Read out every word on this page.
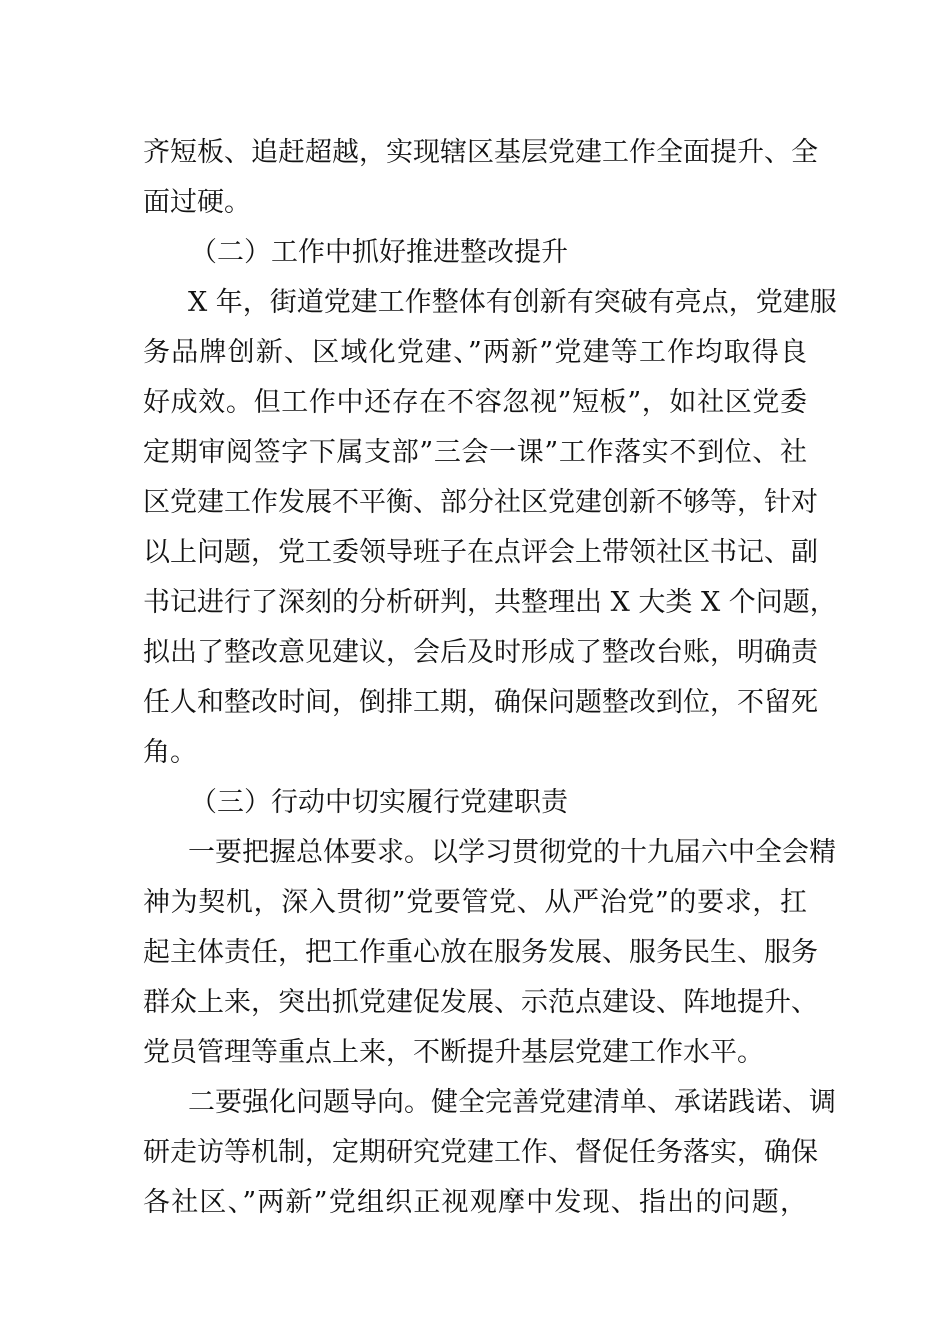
齐短板、追赶超越，实现辖区基层党建工作全面提升、全
面过硬。
（二）工作中抓好推进整改提升
X 年，街道党建工作整体有创新有突破有亮点，党建服
务品牌创新、区域化党建、”两新”党建等工作均取得良
好成效。但工作中还存在不容忽视”短板”，如社区党委
定期审阅签字下属支部”三会一课”工作落实不到位、社
区党建工作发展不平衡、部分社区党建创新不够等，针对
以上问题，党工委领导班子在点评会上带领社区书记、副
书记进行了深刻的分析研判，共整理出 X 大类 X 个问题，
拟出了整改意见建议，会后及时形成了整改台账，明确责
任人和整改时间，倒排工期，确保问题整改到位，不留死
角。
（三）行动中切实履行党建职责
一要把握总体要求。以学习贯彻党的十九届六中全会精
神为契机，深入贯彻”党要管党、从严治党”的要求，扛
起主体责任，把工作重心放在服务发展、服务民生、服务
群众上来，突出抓党建促发展、示范点建设、阵地提升、
党员管理等重点上来，不断提升基层党建工作水平。
二要强化问题导向。健全完善党建清单、承诺践诺、调
研走访等机制，定期研究党建工作、督促任务落实，确保
各社区、”两新”党组织正视观摩中发现、指出的问题，
